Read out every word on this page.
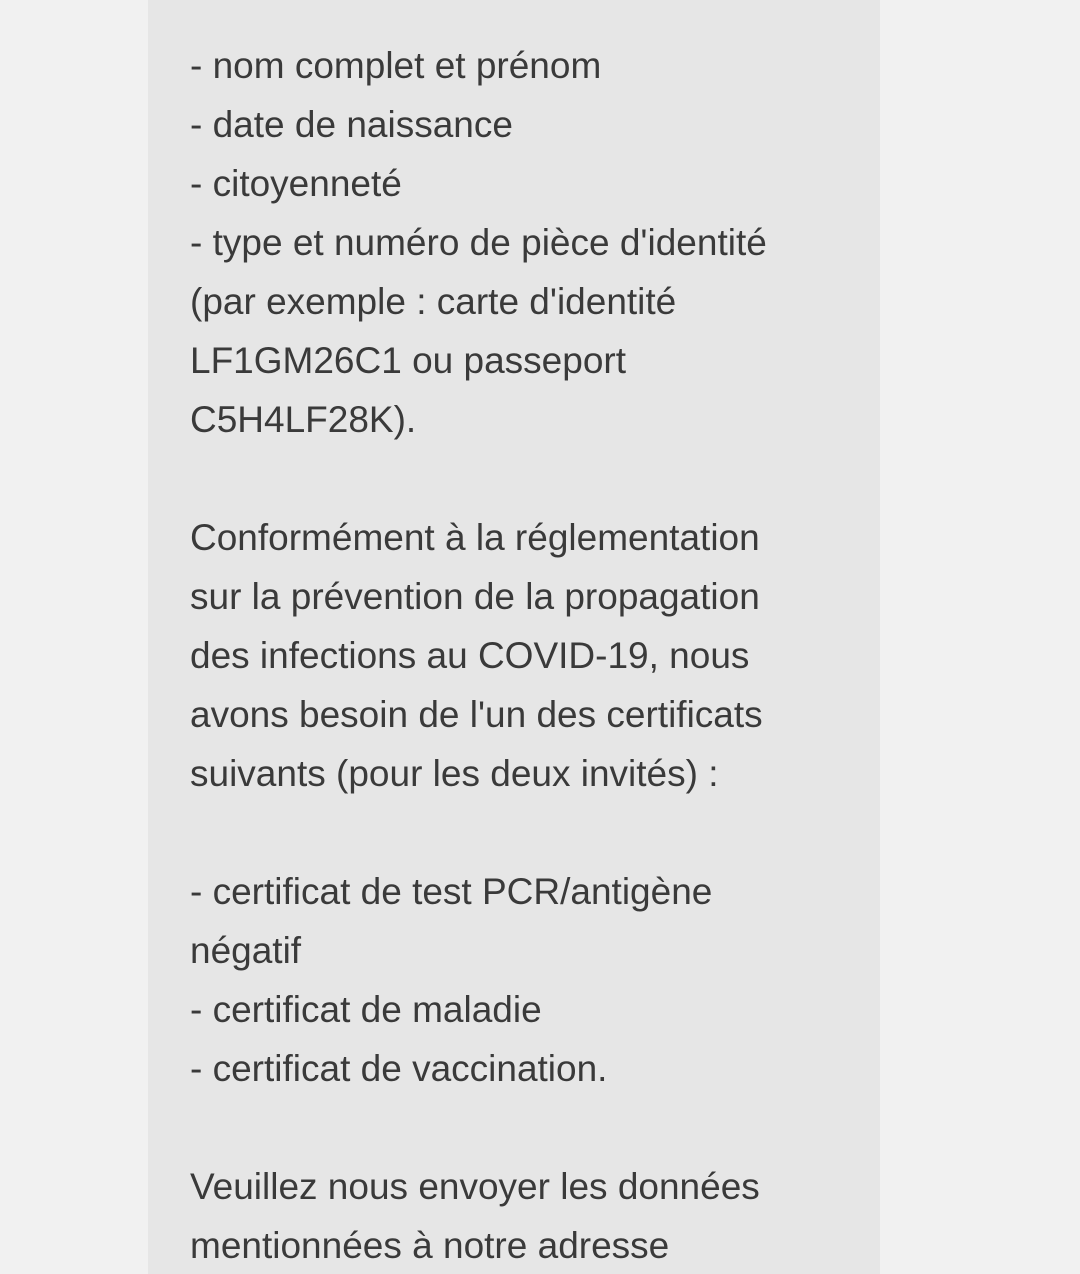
- nom complet et prénom
- date de naissance
- citoyenneté
- type et numéro de pièce d'identité
(par exemple : carte d'identité
LF1GM26C1 ou passeport
C5H4LF28K).
Conformément à la réglementation
sur la prévention de la propagation
des infections au COVID-19, nous
avons besoin de l'un des certificats
suivants (pour les deux invités) :
- certificat de test PCR/antigène
négatif
- certificat de maladie
- certificat de vaccination.
Veuillez nous envoyer les données
mentionnées à notre adresse
